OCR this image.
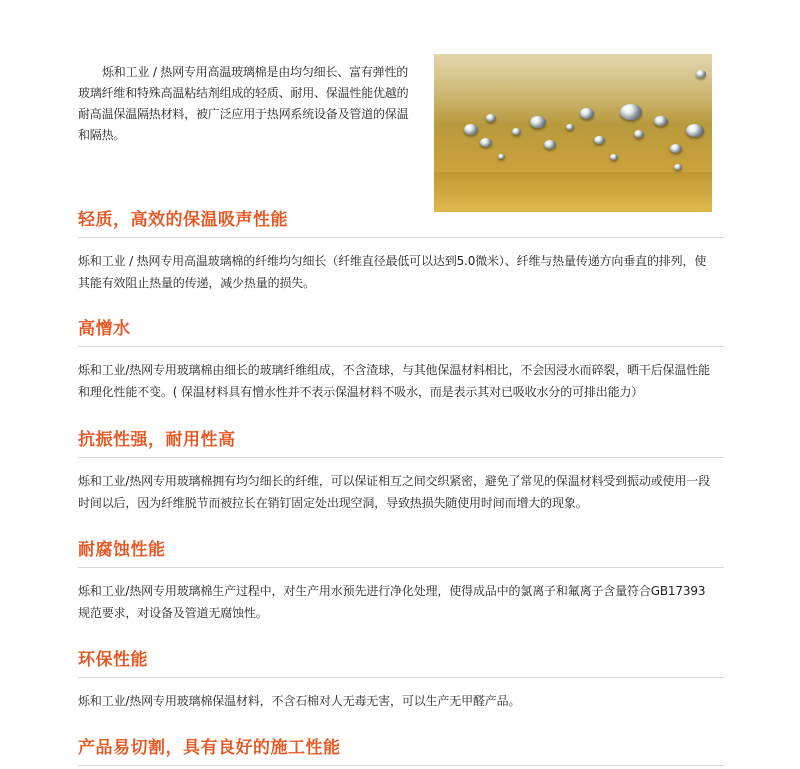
烁和工业 / 热网专用高温玻璃棉是由均匀细长、富有弹性的玻璃纤维和特殊高温粘结剂组成的轻质、耐用、保温性能优越的耐高温保温隔热材料，被广泛应用于热网系统设备及管道的保温和隔热。

轻质，高效的保温吸声性能

烁和工业 / 热网专用高温玻璃棉的纤维均匀细长（纤维直径最低可以达到5.0微米）、纤维与热量传递方向垂直的排列，使
其能有效阻止热量的传递，减少热量的损失。

高憎水

烁和工业/热网专用玻璃棉由细长的玻璃纤维组成，不含渣球，与其他保温材料相比，不会因浸水而碎裂，晒干后保温性能
和理化性能不变。( 保温材料具有憎水性并不表示保温材料不吸水，而是表示其对已吸收水分的可排出能力）

抗振性强，耐用性高

烁和工业/热网专用玻璃棉拥有均匀细长的纤维，可以保证相互之间交织紧密，避免了常见的保温材料受到振动或使用一段
时间以后，因为纤维脱节而被拉长在销钉固定处出现空洞，导致热损失随使用时间而增大的现象。

耐腐蚀性能

烁和工业/热网专用玻璃棉生产过程中，对生产用水预先进行净化处理，使得成品中的氯离子和氟离子含量符合GB17393
规范要求，对设备及管道无腐蚀性。

环保性能

烁和工业/热网专用玻璃棉保温材料，不含石棉对人无毒无害，可以生产无甲醛产品。

产品易切割，具有良好的施工性能
